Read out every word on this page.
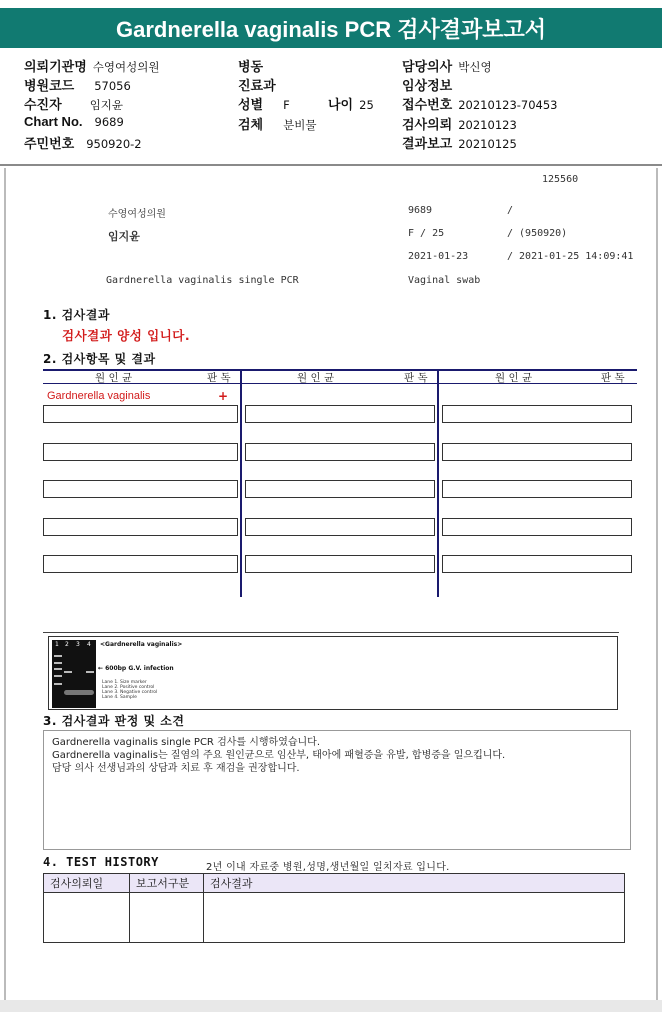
Gardnerella vaginalis PCR 검사결과보고서
의뢰기관명 수영여성의원	병동	담당의사 박신영
병원코드 57056	진료과	임상정보
수진자 임지윤	성별 F	나이 25 접수번호 20210123-70453
Chart No. 9689	검체 분비물	검사의뢰 20210123
주민번호 950920-2	결과보고 20210125
125560
수영여성의원	9689	/
임지윤	F / 25	/ (950920)
2021-01-23	/ 2021-01-25 14:09:41
Gardnerella vaginalis single PCR	Vaginal swab
1. 검사결과
검사결과 양성 입니다.
2. 검사항목 및 결과
원 인 균	판 독	원 인 균	판 독	원 인 균	판 독
Gardnerella vaginalis	+
1 2 3 4 <Gardnerella vaginalis>
← 600bp G.V. infection
Lane 1. Size marker
Lane 2. Positive control
Lane 3. Negative control
Lane 4. Sample
3. 검사결과 판정 및 소견
Gardnerella vaginalis single PCR 검사를 시행하였습니다.
Gardnerella vaginalis는 질염의 주요 원인균으로 임산부, 태아에 패혈증을 유발, 합병증을 일으킵니다.
담당 의사 선생님과의 상담과 치료 후 재검을 권장합니다.
4. TEST HISTORY	2년 이내 자료중 병원,성명,생년월일 일치자료 입니다.
검사의뢰일	보고서구분	검사결과
